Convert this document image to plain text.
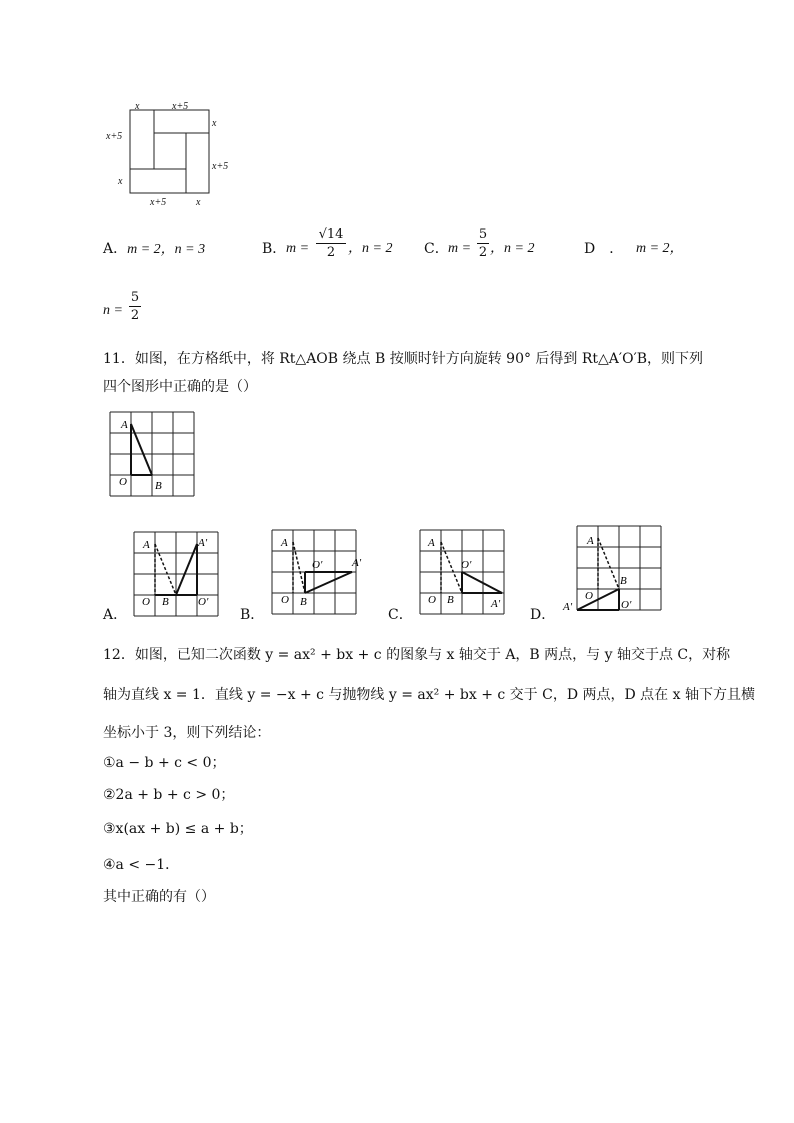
x	x+5
x
x+5
x+5
x
x+5	x
A．m = 2，n = 3	B． m =
√14
2 ，n = 2 C． m =
5
2 ，n = 2	D　． m = 2，
n =
5
2
11．如图，在方格纸中，将 Rt△AOB 绕点 B 按顺时针方向旋转 90° 后得到 Rt△A′O′B，则下列
四个图形中正确的是（）
A
O	B
A	A′
O B	O′
A．
A
O′	A′
O B
B．
A
O′
O B	A′
C．
A
B
O
O′
A′
D．
12．如图，已知二次函数 y = ax² + bx + c 的图象与 x 轴交于 A，B 两点，与 y 轴交于点 C，对称
轴为直线 x = 1．直线 y = −x + c 与抛物线 y = ax² + bx + c 交于 C，D 两点，D 点在 x 轴下方且横
坐标小于 3，则下列结论：
①a − b + c < 0；
②2a + b + c > 0；
③x(ax + b) ≤ a + b；
④a < −1．
其中正确的有（）
